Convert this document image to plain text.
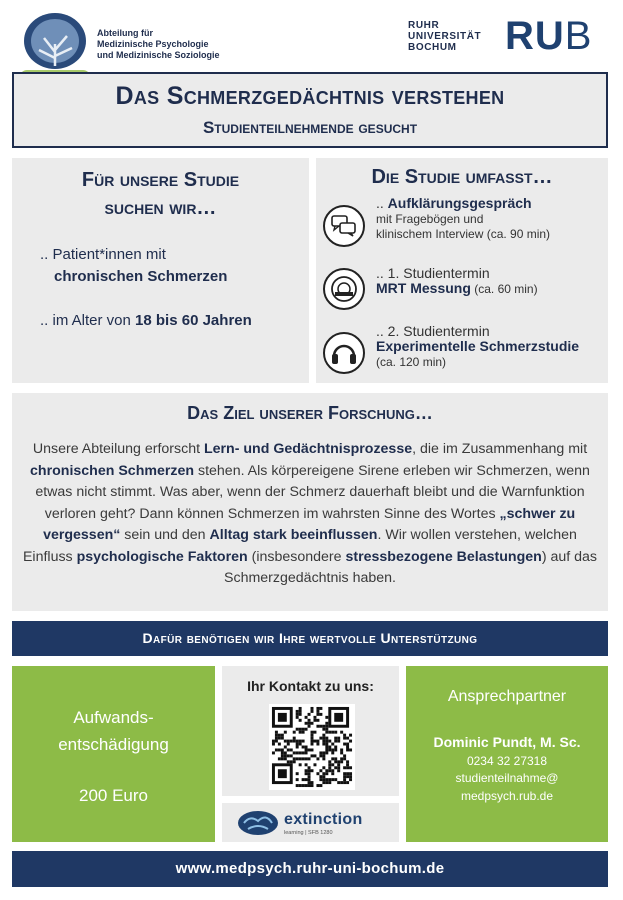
Abteilung für
Medizinische Psychologie
und Medizinische Soziologie
RUHR
UNIVERSITÄT
BOCHUM	RUB
Das Schmerzgedächtnis verstehen
Studienteilnehmende gesucht
Für unsere Studie
suchen wir…
.. Patient*innen mit
chronischen Schmerzen
.. im Alter von 18 bis 60 Jahren
Die Studie umfasst…
.. Aufklärungsgespräch
mit Fragebögen und
klinischem Interview (ca. 90 min)
.. 1. Studientermin
MRT Messung (ca. 60 min)
.. 2. Studientermin
Experimentelle Schmerzstudie
(ca. 120 min)
Das Ziel unserer Forschung…
Unsere Abteilung erforscht Lern- und Gedächtnisprozesse, die im Zusammenhang mit chronischen Schmerzen stehen. Als körpereigene Sirene erleben wir Schmerzen, wenn etwas nicht stimmt. Was aber, wenn der Schmerz dauerhaft bleibt und die Warnfunktion verloren geht? Dann können Schmerzen im wahrsten Sinne des Wortes „schwer zu vergessen“ sein und den Alltag stark beeinflussen. Wir wollen verstehen, welchen Einfluss psychologische Faktoren (insbesondere stressbezogene Belastungen) auf das Schmerzgedächtnis haben.
Dafür benötigen wir Ihre wertvolle Unterstützung
Aufwands-
entschädigung
200 Euro
Ihr Kontakt zu uns:
extinction
learning | SFB 1280
Ansprechpartner
Dominic Pundt, M. Sc.
0234 32 27318
studienteilnahme@
medpsych.rub.de
www.medpsych.ruhr-uni-bochum.de
